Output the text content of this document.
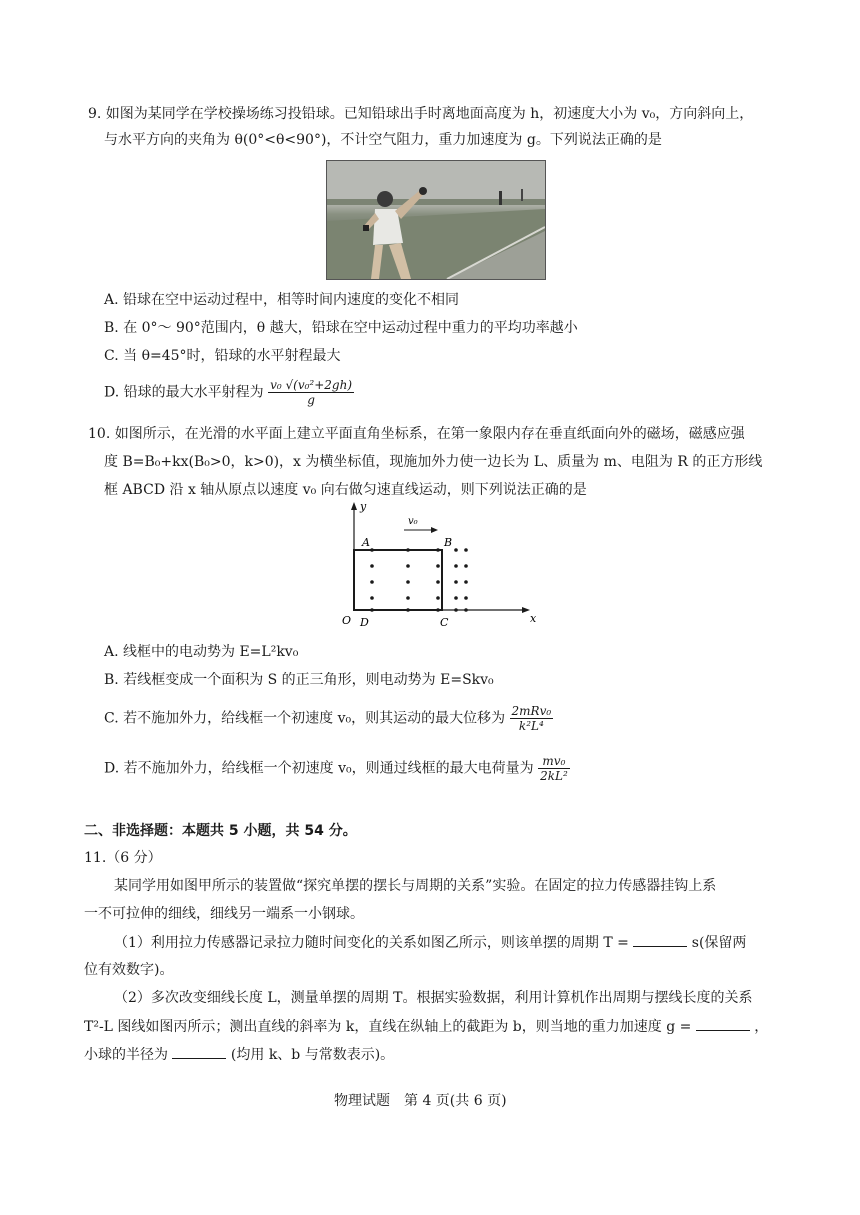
9. 如图为某同学在学校操场练习投铅球。已知铅球出手时离地面高度为 h，初速度大小为 v₀，方向斜向上，
与水平方向的夹角为 θ(0°<θ<90°)，不计空气阻力，重力加速度为 g。下列说法正确的是
A. 铅球在空中运动过程中，相等时间内速度的变化不相同
B. 在 0°～ 90°范围内，θ 越大，铅球在空中运动过程中重力的平均功率越小
C. 当 θ=45°时，铅球的水平射程最大
D. 铅球的最大水平射程为 $\frac{\text{v₀ √(v₀²+2gh)}}{g}$
10. 如图所示，在光滑的水平面上建立平面直角坐标系，在第一象限内存在垂直纸面向外的磁场，磁感应强
度 B=B₀+kx(B₀>0，k>0)，x 为横坐标值，现施加外力使一边长为 L、质量为 m、电阻为 R 的正方形线
框 ABCD 沿 x 轴从原点以速度 v₀ 向右做匀速直线运动，则下列说法正确的是
v₀
y
x
O
A	B
C
D
A. 线框中的电动势为 E=L²kv₀
B. 若线框变成一个面积为 S 的正三角形，则电动势为 E=Skv₀
C. 若不施加外力，给线框一个初速度 v₀，则其运动的最大位移为 $\frac{\text{2mRv₀}}{\text{k²L⁴}}$
D. 若不施加外力，给线框一个初速度 v₀，则通过线框的最大电荷量为 $\frac{\text{mv₀}}{\text{2kL²}}$
二、非选择题：本题共 5 小题，共 54 分。
11.（6 分）
某同学用如图甲所示的装置做“探究单摆的摆长与周期的关系”实验。在固定的拉力传感器挂钩上系
一不可拉伸的细线，细线另一端系一小钢球。
（1）利用拉力传感器记录拉力随时间变化的关系如图乙所示，则该单摆的周期 T =	s(保留两
位有效数字)。
（2）多次改变细线长度 L，测量单摆的周期 T。根据实验数据，利用计算机作出周期与摆线长度的关系
T²-L 图线如图丙所示；测出直线的斜率为 k，直线在纵轴上的截距为 b，则当地的重力加速度 g =	，
小球的半径为	(均用 k、b 与常数表示)。
物理试题　第 4 页(共 6 页)
